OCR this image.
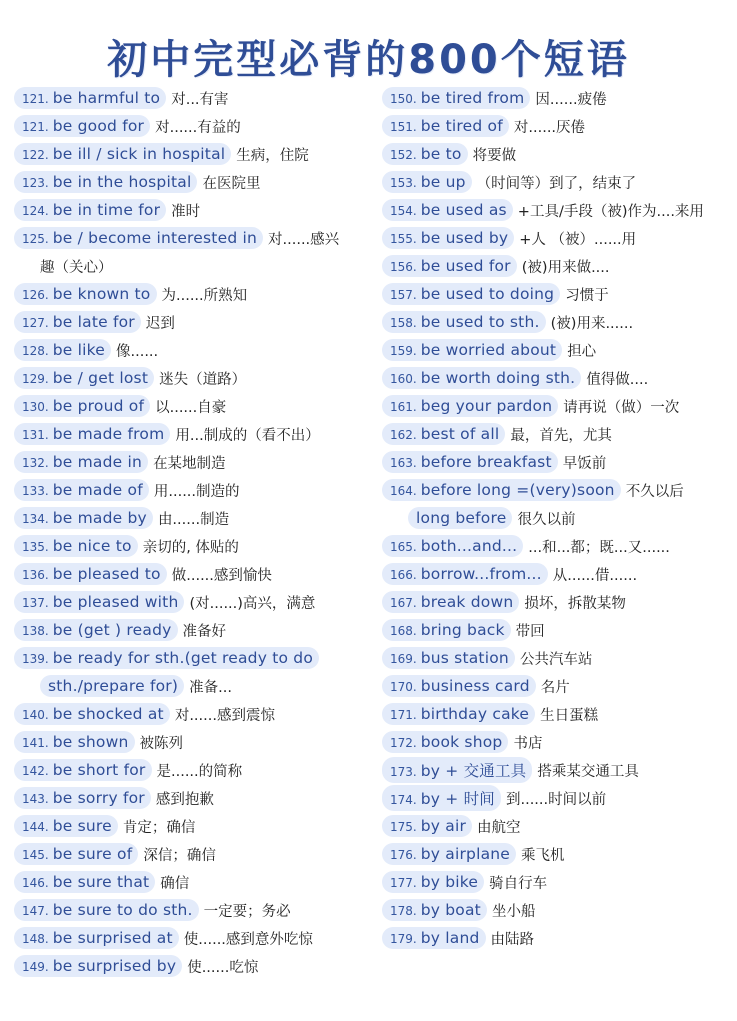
初中完型必背的800个短语
121. be harmful to 对...有害
121. be good for 对......有益的
122. be ill / sick in hospital 生病，住院
123. be in the hospital 在医院里
124. be in time for 准时
125. be / become interested in 对......感兴
趣（关心）
126. be known to 为......所熟知
127. be late for 迟到
128. be like 像......
129. be / get lost 迷失（道路）
130. be proud of 以......自豪
131. be made from 用...制成的（看不出）
132. be made in 在某地制造
133. be made of 用......制造的
134. be made by 由......制造
135. be nice to 亲切的, 体贴的
136. be pleased to 做......感到愉快
137. be pleased with (对......)高兴，满意
138. be (get ) ready 准备好
139. be ready for sth.(get ready to do
sth./prepare for) 准备...
140. be shocked at 对......感到震惊
141. be shown 被陈列
142. be short for 是......的简称
143. be sorry for 感到抱歉
144. be sure 肯定；确信
145. be sure of 深信；确信
146. be sure that 确信
147. be sure to do sth. 一定要；务必
148. be surprised at 使......感到意外吃惊
149. be surprised by 使......吃惊
150. be tired from 因......疲倦
151. be tired of 对......厌倦
152. be to 将要做
153. be up （时间等）到了，结束了
154. be used as +工具/手段（被)作为....来用
155. be used by +人 （被）......用
156. be used for (被)用来做....
157. be used to doing 习惯于
158. be used to sth. (被)用来......
159. be worried about 担心
160. be worth doing sth. 值得做....
161. beg your pardon 请再说（做）一次
162. best of all 最，首先，尤其
163. before breakfast 早饭前
164. before long =(very)soon 不久以后
long before 很久以前
165. both...and... ...和...都；既...又......
166. borrow...from... 从......借......
167. break down 损坏，拆散某物
168. bring back 带回
169. bus station 公共汽车站
170. business card 名片
171. birthday cake 生日蛋糕
172. book shop 书店
173. by + 交通工具 搭乘某交通工具
174. by + 时间 到......时间以前
175. by air 由航空
176. by airplane 乘飞机
177. by bike 骑自行车
178. by boat 坐小船
179. by land 由陆路
